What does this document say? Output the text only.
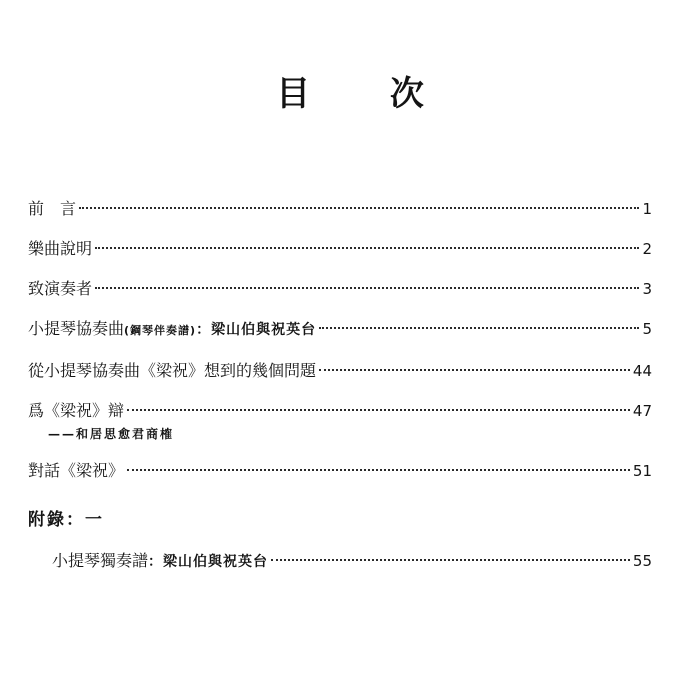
目 次
前　言	1
樂曲說明	2
致演奏者	3
小提琴協奏曲 (鋼琴伴奏譜) ：梁山伯與祝英台	5
從小提琴協奏曲《梁祝》想到的幾個問題	44
爲《梁祝》辯	47
——和居思愈君商榷
對話《梁祝》	51
附錄：一
小提琴獨奏譜 ：梁山伯與祝英台	55
